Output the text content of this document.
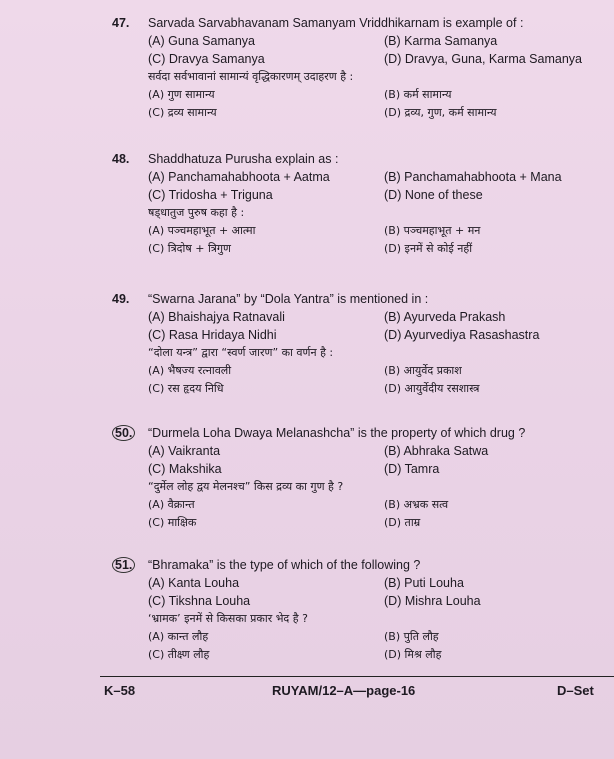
47. Sarvada Sarvabhavanam Samanyam Vriddhikarnam is example of :
(A) Guna Samanya	(B) Karma Samanya
(C) Dravya Samanya	(D) Dravya, Guna, Karma Samanya
सर्वदा सर्वभावानां सामान्यं वृद्धिकारणम् उदाहरण है :
(A) गुण सामान्य	(B) कर्म सामान्य
(C) द्रव्य सामान्य	(D) द्रव्य, गुण, कर्म सामान्य
48. Shaddhatuza Purusha explain as :
(A) Panchamahabhoota + Aatma	(B) Panchamahabhoota + Mana
(C) Tridosha + Triguna	(D) None of these
षड्धातुज पुरुष कहा है :
(A) पञ्चमहाभूत + आत्मा	(B) पञ्चमहाभूत + मन
(C) त्रिदोष + त्रिगुण	(D) इनमें से कोई नहीं
49. “Swarna Jarana” by “Dola Yantra” is mentioned in :
(A) Bhaishajya Ratnavali	(B) Ayurveda Prakash
(C) Rasa Hridaya Nidhi	(D) Ayurvediya Rasashastra
“दोला यन्त्र” द्वारा “स्वर्ण जारण” का वर्णन है :
(A) भैषज्य रत्नावली	(B) आयुर्वेद प्रकाश
(C) रस हृदय निधि	(D) आयुर्वेदीय रसशास्त्र
50. “Durmela Loha Dwaya Melanashcha” is the property of which drug ?
(A) Vaikranta	(B) Abhraka Satwa
(C) Makshika	(D) Tamra
“दुर्मेल लोह द्वय मेलनश्च” किस द्रव्य का गुण है ?
(A) वैक्रान्त	(B) अभ्रक सत्व
(C) माक्षिक	(D) ताम्र
51. “Bhramaka” is the type of which of the following ?
(A) Kanta Louha	(B) Puti Louha
(C) Tikshna Louha	(D) Mishra Louha
‘भ्रामक’ इनमें से किसका प्रकार भेद है ?
(A) कान्त लौह	(B) पुति लौह
(C) तीक्ष्ण लौह	(D) मिश्र लौह
K–58	RUYAM/12–A—page-16	D–Set
